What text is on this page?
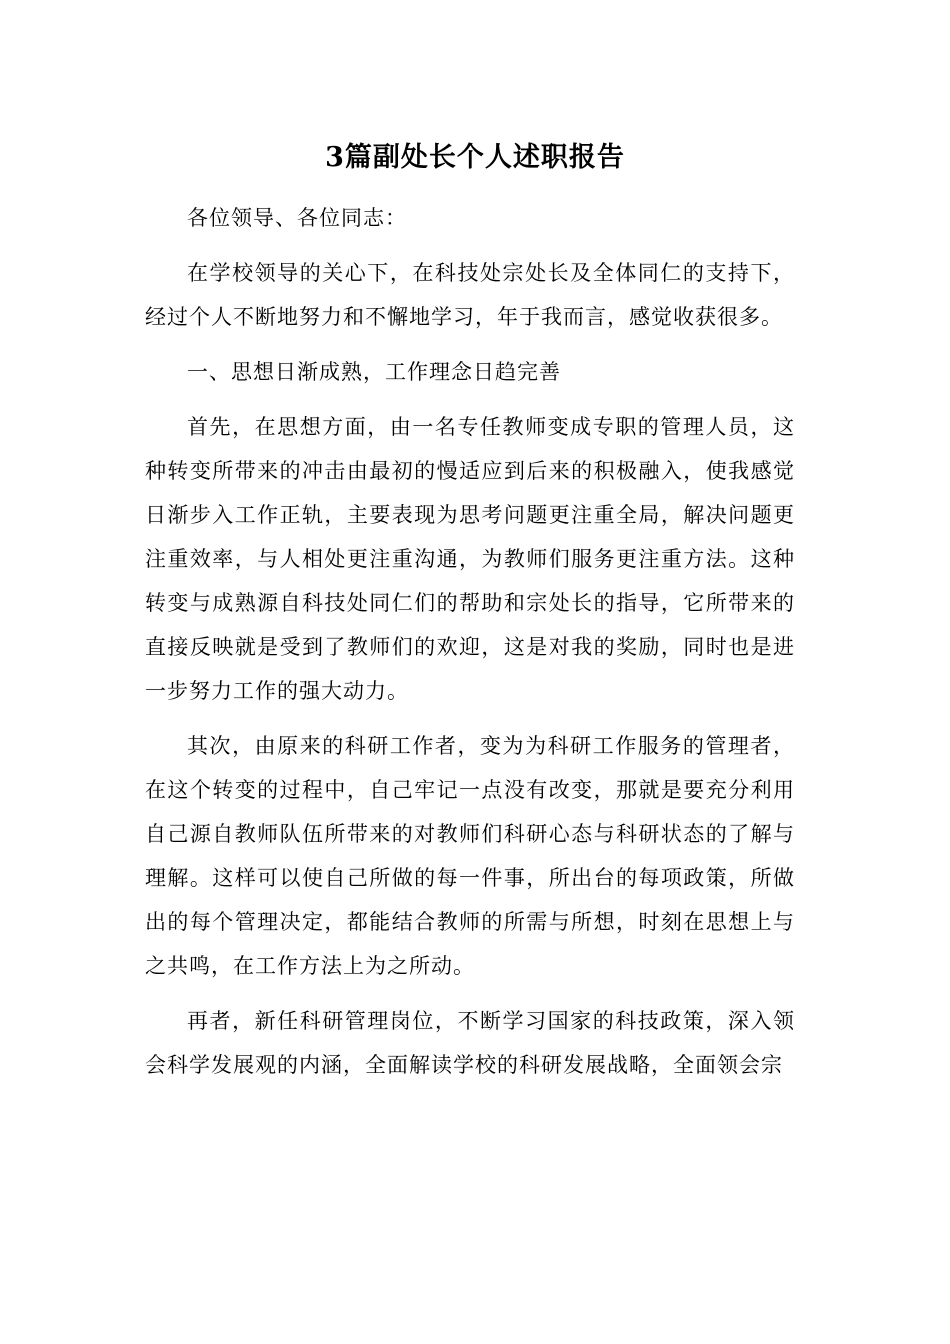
3篇副处长个人述职报告

各位领导、各位同志：

在学校领导的关心下，在科技处宗处长及全体同仁的支持下，经过个人不断地努力和不懈地学习，年于我而言，感觉收获很多。

一、思想日渐成熟，工作理念日趋完善

首先，在思想方面，由一名专任教师变成专职的管理人员，这种转变所带来的冲击由最初的慢适应到后来的积极融入，使我感觉日渐步入工作正轨，主要表现为思考问题更注重全局，解决问题更注重效率，与人相处更注重沟通，为教师们服务更注重方法。这种转变与成熟源自科技处同仁们的帮助和宗处长的指导，它所带来的直接反映就是受到了教师们的欢迎，这是对我的奖励，同时也是进一步努力工作的强大动力。

其次，由原来的科研工作者，变为为科研工作服务的管理者，在这个转变的过程中，自己牢记一点没有改变，那就是要充分利用自己源自教师队伍所带来的对教师们科研心态与科研状态的了解与理解。这样可以使自己所做的每一件事，所出台的每项政策，所做出的每个管理决定，都能结合教师的所需与所想，时刻在思想上与之共鸣，在工作方法上为之所动。

再者，新任科研管理岗位，不断学习国家的科技政策，深入领会科学发展观的内涵，全面解读学校的科研发展战略，全面领会宗
